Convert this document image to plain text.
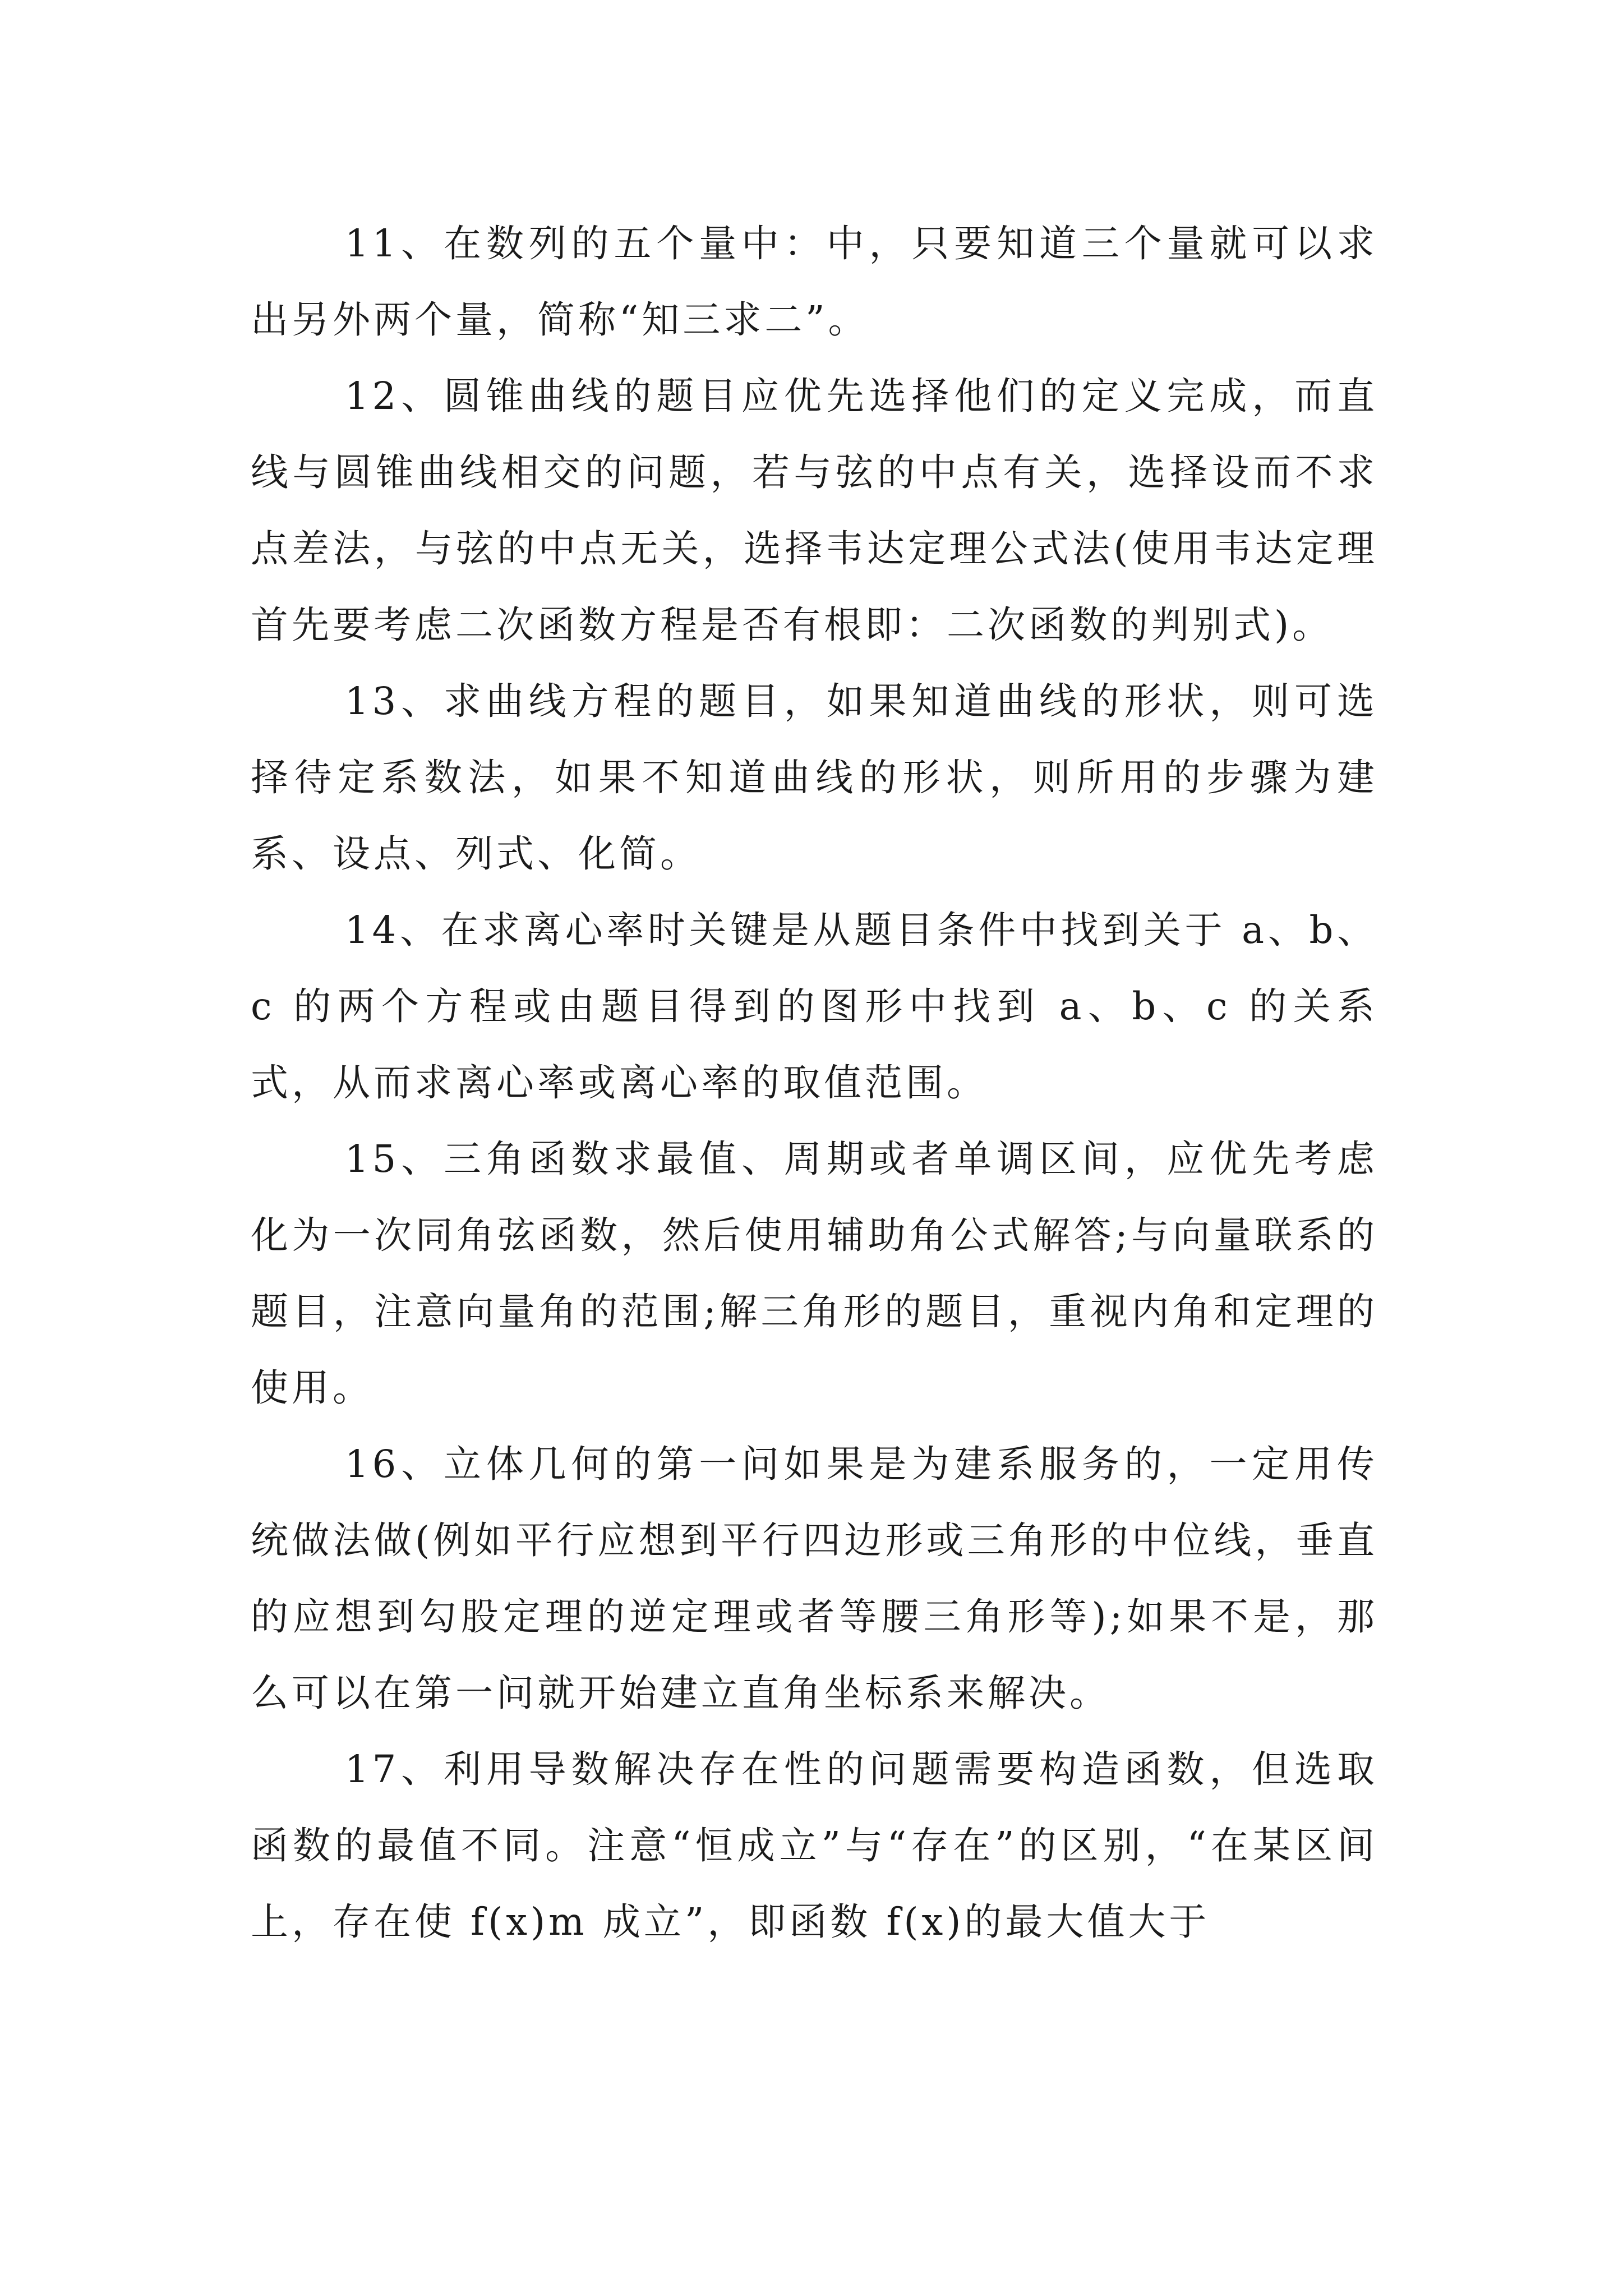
11、在数列的五个量中：中，只要知道三个量就可以求出另外两个量，简称“知三求二”。

12、圆锥曲线的题目应优先选择他们的定义完成，而直线与圆锥曲线相交的问题，若与弦的中点有关，选择设而不求点差法，与弦的中点无关，选择韦达定理公式法(使用韦达定理首先要考虑二次函数方程是否有根即：二次函数的判别式)。

13、求曲线方程的题目，如果知道曲线的形状，则可选择待定系数法，如果不知道曲线的形状，则所用的步骤为建系、设点、列式、化简。

14、在求离心率时关键是从题目条件中找到关于 a、b、c 的两个方程或由题目得到的图形中找到 a、b、c 的关系式，从而求离心率或离心率的取值范围。

15、三角函数求最值、周期或者单调区间，应优先考虑化为一次同角弦函数，然后使用辅助角公式解答;与向量联系的题目，注意向量角的范围;解三角形的题目，重视内角和定理的使用。

16、立体几何的第一问如果是为建系服务的，一定用传统做法做(例如平行应想到平行四边形或三角形的中位线，垂直的应想到勾股定理的逆定理或者等腰三角形等);如果不是，那么可以在第一问就开始建立直角坐标系来解决。

17、利用导数解决存在性的问题需要构造函数，但选取函数的最值不同。注意“恒成立”与“存在”的区别，“在某区间上，存在使 f(x)m 成立”，即函数 f(x)的最大值大于
